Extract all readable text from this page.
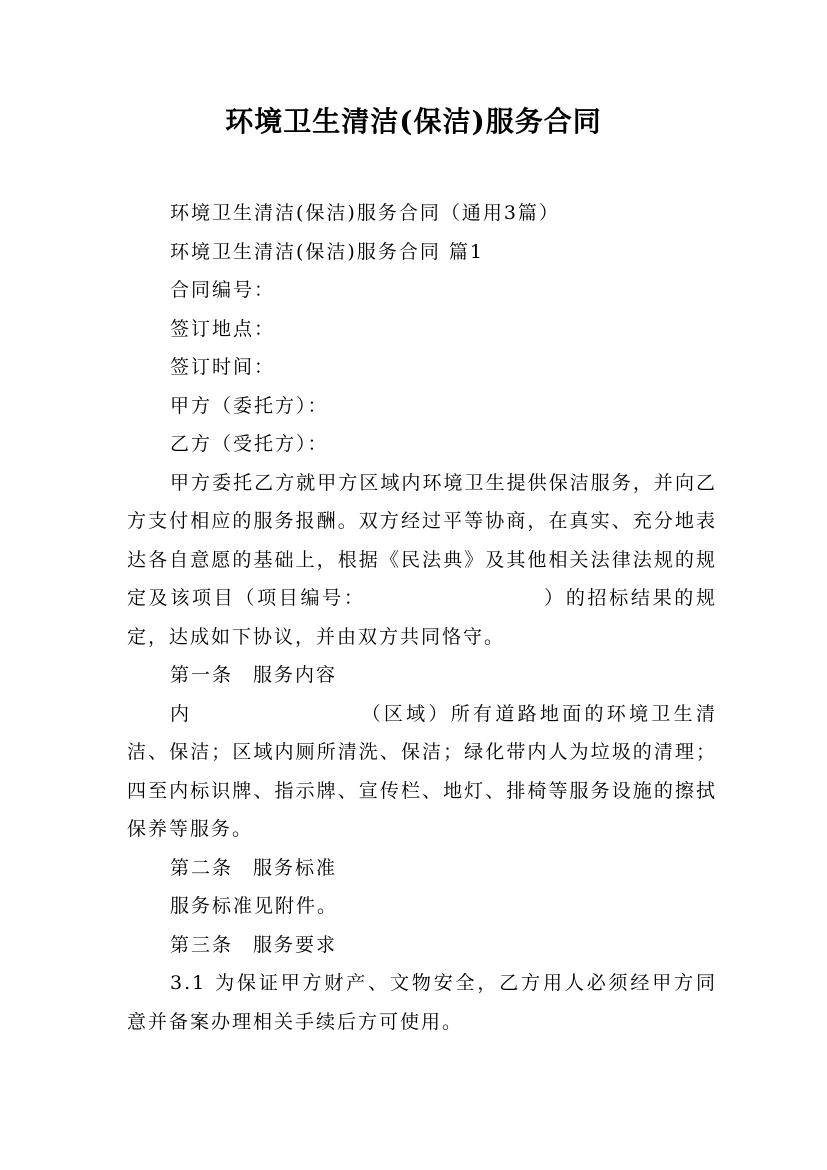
环境卫生清洁(保洁)服务合同

环境卫生清洁(保洁)服务合同（通用3篇）

环境卫生清洁(保洁)服务合同 篇1

合同编号：

签订地点：

签订时间：

甲方（委托方）：

乙方（受托方）：

甲方委托乙方就甲方区域内环境卫生提供保洁服务，并向乙方支付相应的服务报酬。双方经过平等协商，在真实、充分地表达各自意愿的基础上，根据《民法典》及其他相关法律法规的规定及该项目（项目编号：	）的招标结果的规定，达成如下协议，并由双方共同恪守。

第一条 服务内容

内	（区域）所有道路地面的环境卫生清洁、保洁；区域内厕所清洗、保洁；绿化带内人为垃圾的清理；四至内标识牌、指示牌、宣传栏、地灯、排椅等服务设施的擦拭保养等服务。

第二条 服务标准

服务标准见附件。

第三条 服务要求

3.1 为保证甲方财产、文物安全，乙方用人必须经甲方同意并备案办理相关手续后方可使用。
